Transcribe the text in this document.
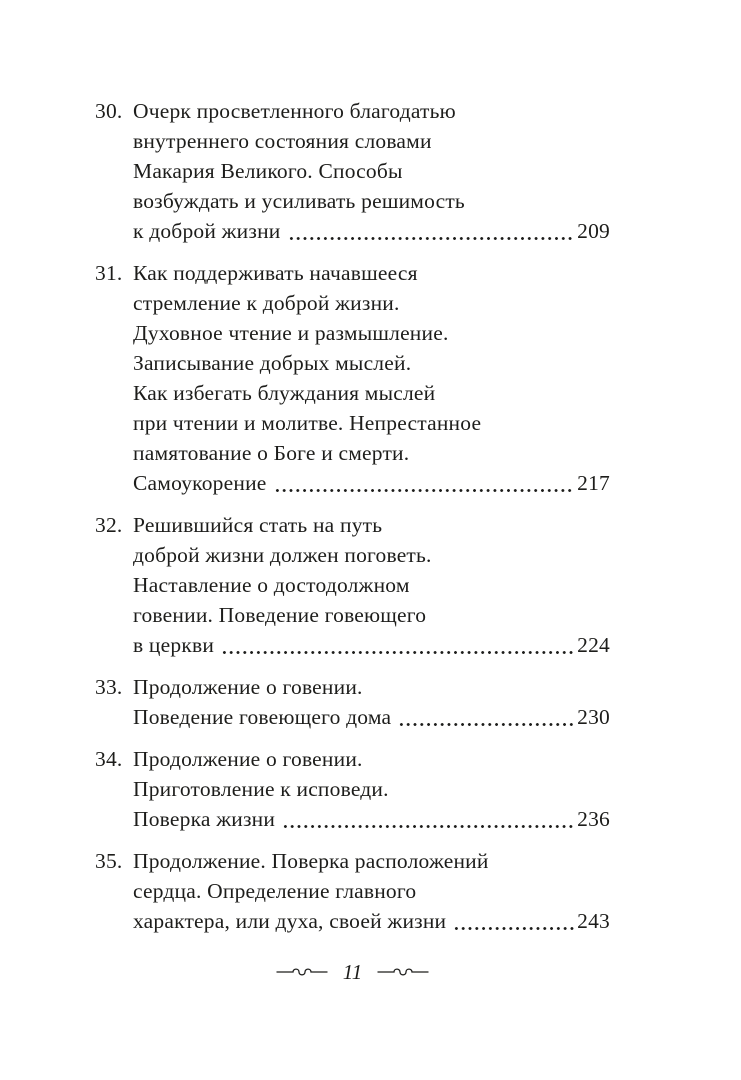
30. Очерк просветленного благодатью
внутреннего состояния словами
Макария Великого. Способы
возбуждать и усиливать решимость
к доброй жизни	209
31. Как поддерживать начавшееся
стремление к доброй жизни.
Духовное чтение и размышление.
Записывание добрых мыслей.
Как избегать блуждания мыслей
при чтении и молитве. Непрестанное
памятование о Боге и смерти.
Самоукорение	217
32. Решившийся стать на путь
доброй жизни должен поговеть.
Наставление о достодолжном
говении. Поведение говеющего
в церкви	224
33. Продолжение о говении.
Поведение говеющего дома	230
34. Продолжение о говении.
Приготовление к исповеди.
Поверка жизни	236
35. Продолжение. Поверка расположений
сердца. Определение главного
характера, или духа, своей жизни	243
11
